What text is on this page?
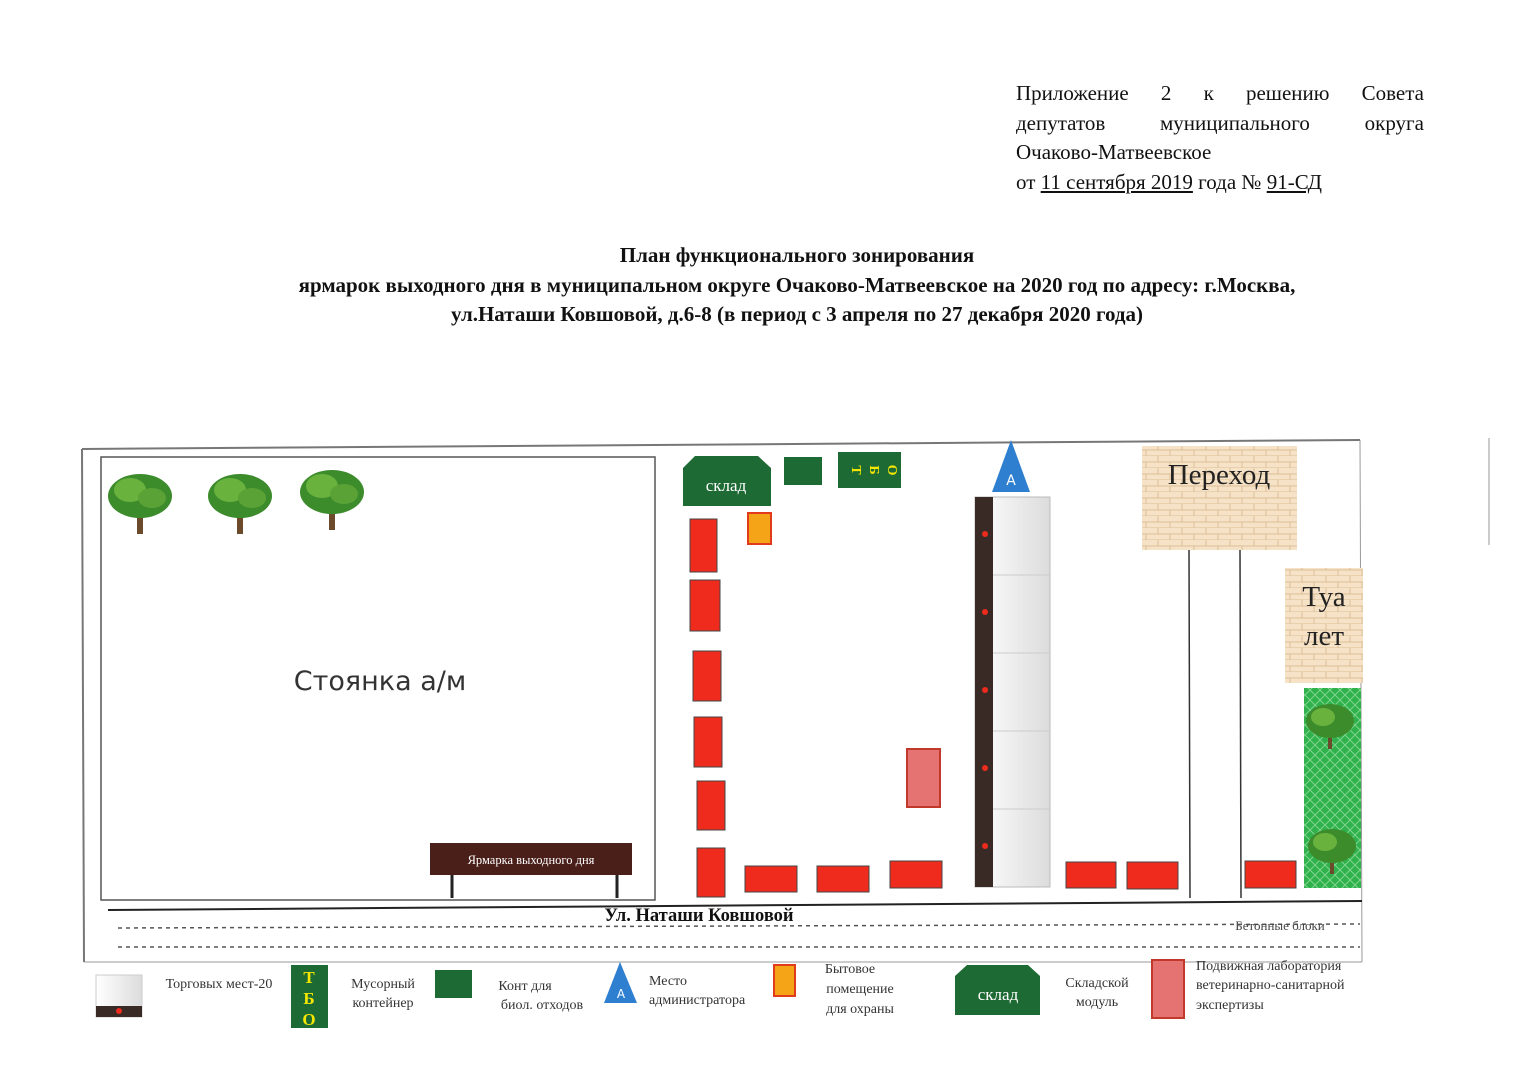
Приложение 2 к решению Совета
депутатов муниципального округа
Очаково-Матвеевское
от 11 сентября 2019 года № 91-СД
План функционального зонирования
ярмарок выходного дня в муниципальном округе Очаково-Матвеевское на 2020 год по адресу: г.Москва,
ул.Наташи Ковшовой, д.6-8 (в период с 3 апреля по 27 декабря 2020 года)
Стоянка а/м
Ярмарка выходного дня
склад
Т Б О
А	Переход
Туа
лет
Ул. Наташи Ковшовой	Бетонные блоки
Торговых мест-20 Т
Б
О
Мусорный
контейнер
Конт для
биол. отходов
А
Место
администратора
Бытовое
помещение
для охраны
склад
Складской
модуль
Подвижная лаборатория
ветеринарно-санитарной
экспертизы
